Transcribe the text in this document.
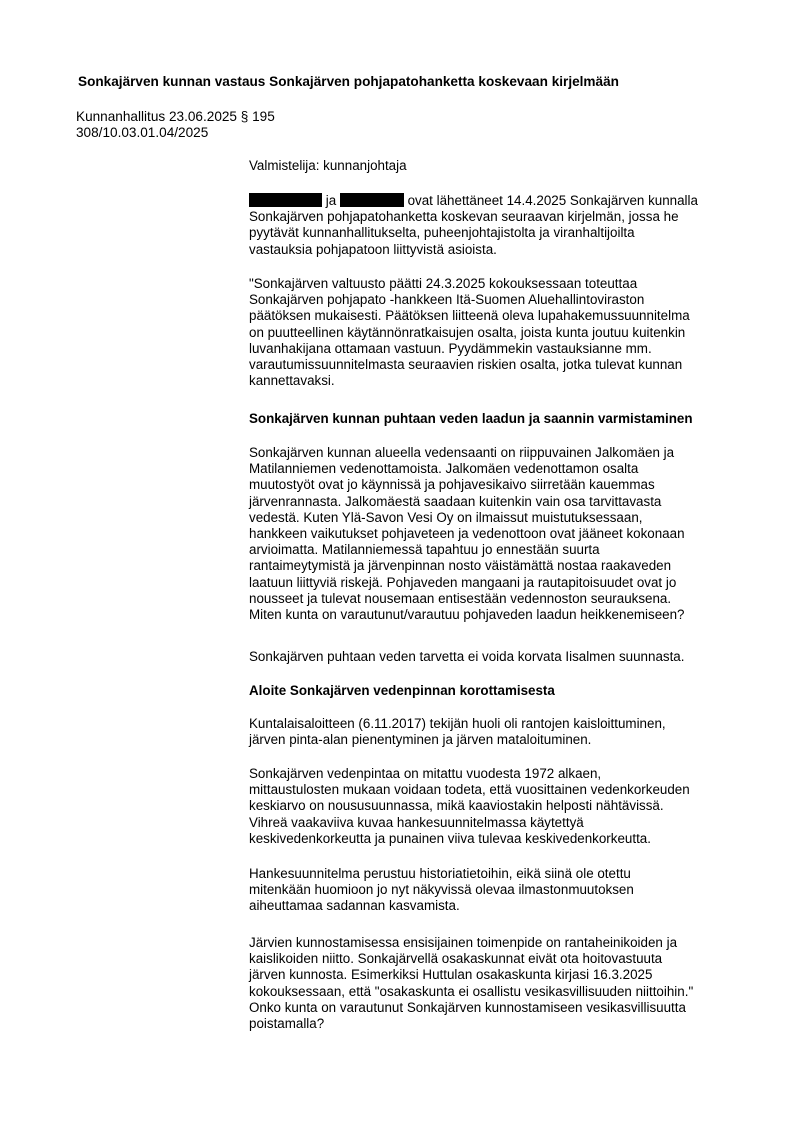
Sonkajärven kunnan vastaus Sonkajärven pohjapatohanketta koskevaan kirjelmään
Kunnanhallitus 23.06.2025 § 195
308/10.03.01.04/2025

Valmistelija: kunnanjohtaja

ja	ovat lähettäneet 14.4.2025 Sonkajärven kunnalla

Sonkajärven pohjapatohanketta koskevan seuraavan kirjelmän, jossa he

pyytävät kunnanhallitukselta, puheenjohtajistolta ja viranhaltijoilta

vastauksia pohjapatoon liittyvistä asioista.

"Sonkajärven valtuusto päätti 24.3.2025 kokouksessaan toteuttaa

Sonkajärven pohjapato -hankkeen Itä-Suomen Aluehallintoviraston

päätöksen mukaisesti. Päätöksen liitteenä oleva lupahakemussuunnitelma

on puutteellinen käytännönratkaisujen osalta, joista kunta joutuu kuitenkin

luvanhakijana ottamaan vastuun. Pyydämmekin vastauksianne mm.

varautumissuunnitelmasta seuraavien riskien osalta, jotka tulevat kunnan

kannettavaksi.

Sonkajärven kunnan puhtaan veden laadun ja saannin varmistaminen

Sonkajärven kunnan alueella vedensaanti on riippuvainen Jalkomäen ja

Matilanniemen vedenottamoista. Jalkomäen vedenottamon osalta

muutostyöt ovat jo käynnissä ja pohjavesikaivo siirretään kauemmas

järvenrannasta. Jalkomäestä saadaan kuitenkin vain osa tarvittavasta

vedestä. Kuten Ylä-Savon Vesi Oy on ilmaissut muistutuksessaan,

hankkeen vaikutukset pohjaveteen ja vedenottoon ovat jääneet kokonaan

arvioimatta. Matilanniemessä tapahtuu jo ennestään suurta

rantaimeytymistä ja järvenpinnan nosto väistämättä nostaa raakaveden

laatuun liittyviä riskejä. Pohjaveden mangaani ja rautapitoisuudet ovat jo

nousseet ja tulevat nousemaan entisestään vedennoston seurauksena.

Miten kunta on varautunut/varautuu pohjaveden laadun heikkenemiseen?

Sonkajärven puhtaan veden tarvetta ei voida korvata Iisalmen suunnasta.

Aloite Sonkajärven vedenpinnan korottamisesta

Kuntalaisaloitteen (6.11.2017) tekijän huoli oli rantojen kaisloittuminen,

järven pinta-alan pienentyminen ja järven mataloituminen.

Sonkajärven vedenpintaa on mitattu vuodesta 1972 alkaen,

mittaustulosten mukaan voidaan todeta, että vuosittainen vedenkorkeuden

keskiarvo on noususuunnassa, mikä kaaviostakin helposti nähtävissä.

Vihreä vaakaviiva kuvaa hankesuunnitelmassa käytettyä

keskivedenkorkeutta ja punainen viiva tulevaa keskivedenkorkeutta.

Hankesuunnitelma perustuu historiatietoihin, eikä siinä ole otettu

mitenkään huomioon jo nyt näkyvissä olevaa ilmastonmuutoksen

aiheuttamaa sadannan kasvamista.

Järvien kunnostamisessa ensisijainen toimenpide on rantaheinikoiden ja

kaislikoiden niitto. Sonkajärvellä osakaskunnat eivät ota hoitovastuuta

järven kunnosta. Esimerkiksi Huttulan osakaskunta kirjasi 16.3.2025

kokouksessaan, että "osakaskunta ei osallistu vesikasvillisuuden niittoihin."

Onko kunta on varautunut Sonkajärven kunnostamiseen vesikasvillisuutta

poistamalla?
